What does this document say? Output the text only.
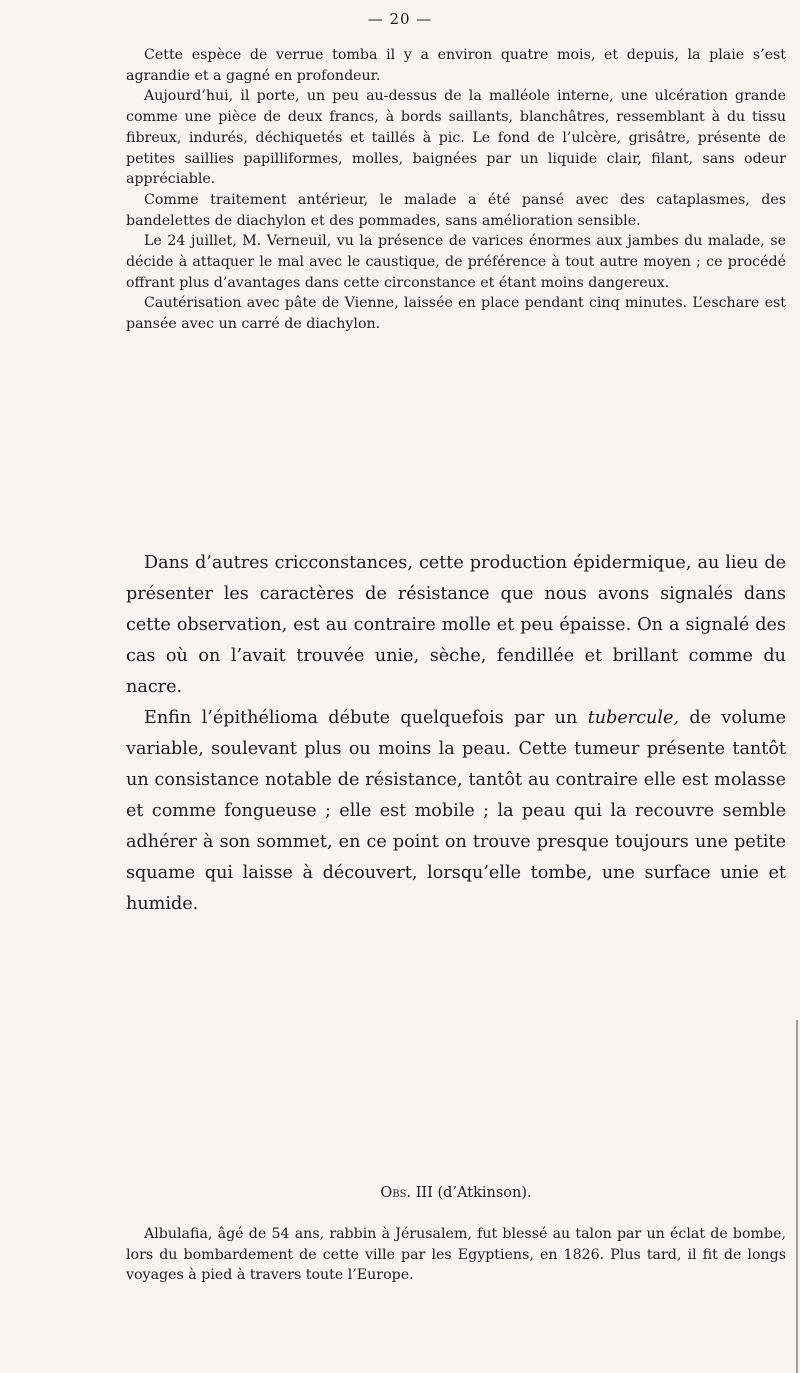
— 20 —

Cette espèce de verrue tomba il y a environ quatre mois, et depuis, la plaie s’est agrandie et a gagné en profondeur.

Aujourd’hui, il porte, un peu au-dessus de la malléole interne, une ulcération grande comme une pièce de deux francs, à bords saillants, blanchâtres, ressemblant à du tissu fibreux, indurés, déchiquetés et taillés à pic. Le fond de l’ulcère, grisâtre, présente de petites saillies papilliformes, molles, baignées par un liquide clair, filant, sans odeur appréciable.

Comme traitement antérieur, le malade a été pansé avec des cataplasmes, des bandelettes de diachylon et des pommades, sans amélioration sensible.

Le 24 juillet, M. Verneuil, vu la présence de varices énormes aux jambes du malade, se décide à attaquer le mal avec le caustique, de préférence à tout autre moyen ; ce procédé offrant plus d’avantages dans cette circonstance et étant moins dangereux.

Cautérisation avec pâte de Vienne, laissée en place pendant cinq minutes. L’eschare est pansée avec un carré de diachylon.

Dans d’autres cricconstances, cette production épidermique, au lieu de présenter les caractères de résistance que nous avons signalés dans cette observation, est au contraire molle et peu épaisse. On a signalé des cas où on l’avait trouvée unie, sèche, fendillée et brillant comme du nacre.

Enfin l’épithélioma débute quelquefois par un tubercule, de volume variable, soulevant plus ou moins la peau. Cette tumeur présente tantôt un consistance notable de résistance, tantôt au contraire elle est molasse et comme fongueuse ; elle est mobile ; la peau qui la recouvre semble adhérer à son sommet, en ce point on trouve presque toujours une petite squame qui laisse à découvert, lorsqu’elle tombe, une surface unie et humide.

Obs. III (d’Atkinson).

Albulafia, âgé de 54 ans, rabbin à Jérusalem, fut blessé au talon par un éclat de bombe, lors du bombardement de cette ville par les Egyptiens, en 1826. Plus tard, il fit de longs voyages à pied à travers toute l’Europe.
